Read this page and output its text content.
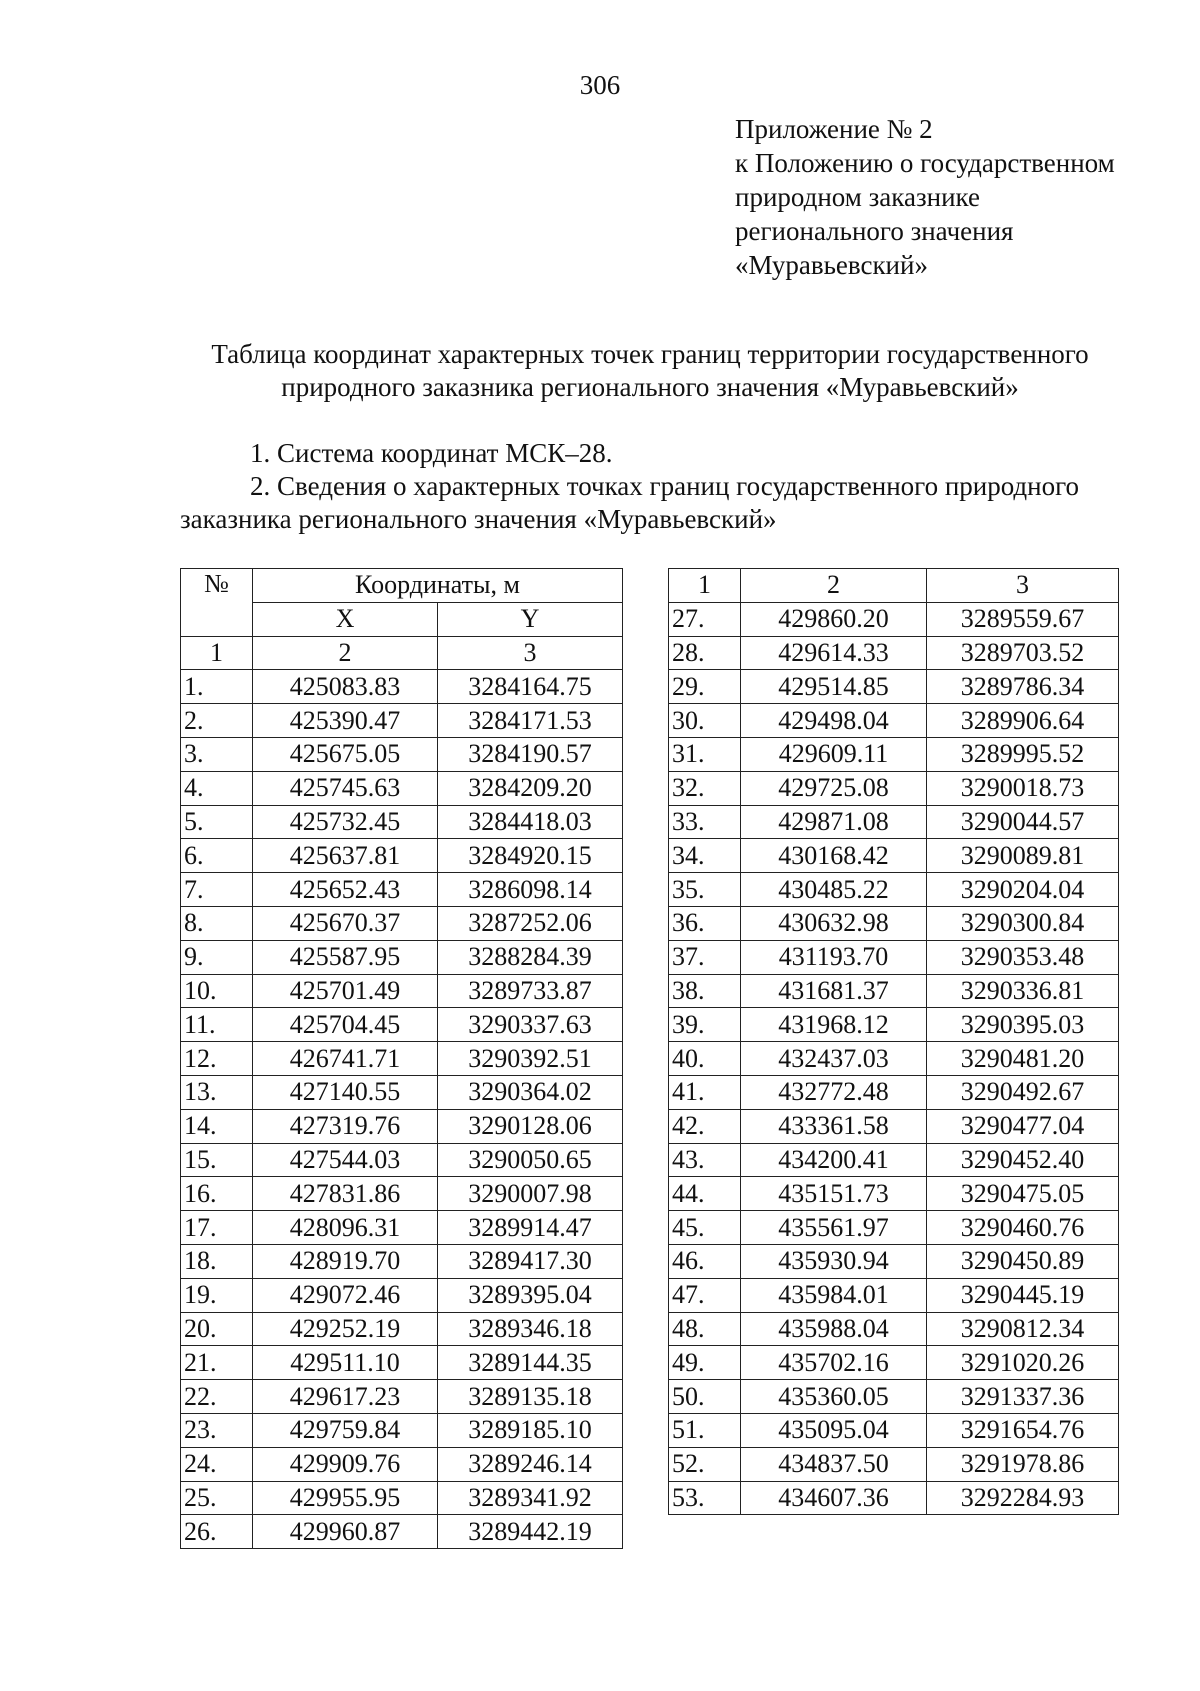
306
Приложение № 2
к Положению о государственном
природном заказнике
регионального значения
«Муравьевский»
Таблица координат характерных точек границ территории государственного
природного заказника регионального значения «Муравьевский»
1. Система координат МСК–28.
2. Сведения о характерных точках границ государственного природного
заказника регионального значения «Муравьевский»
№	Координаты, м	
	X	Y
1	2	3
1.	425083.83	3284164.75
2.	425390.47	3284171.53
3.	425675.05	3284190.57
4.	425745.63	3284209.20
5.	425732.45	3284418.03
6.	425637.81	3284920.15
7.	425652.43	3286098.14
8.	425670.37	3287252.06
9.	425587.95	3288284.39
10.	425701.49	3289733.87
11.	425704.45	3290337.63
12.	426741.71	3290392.51
13.	427140.55	3290364.02
14.	427319.76	3290128.06
15.	427544.03	3290050.65
16.	427831.86	3290007.98
17.	428096.31	3289914.47
18.	428919.70	3289417.30
19.	429072.46	3289395.04
20.	429252.19	3289346.18
21.	429511.10	3289144.35
22.	429617.23	3289135.18
23.	429759.84	3289185.10
24.	429909.76	3289246.14
25.	429955.95	3289341.92
26.	429960.87	3289442.19
1	2	3
27.	429860.20	3289559.67
28.	429614.33	3289703.52
29.	429514.85	3289786.34
30.	429498.04	3289906.64
31.	429609.11	3289995.52
32.	429725.08	3290018.73
33.	429871.08	3290044.57
34.	430168.42	3290089.81
35.	430485.22	3290204.04
36.	430632.98	3290300.84
37.	431193.70	3290353.48
38.	431681.37	3290336.81
39.	431968.12	3290395.03
40.	432437.03	3290481.20
41.	432772.48	3290492.67
42.	433361.58	3290477.04
43.	434200.41	3290452.40
44.	435151.73	3290475.05
45.	435561.97	3290460.76
46.	435930.94	3290450.89
47.	435984.01	3290445.19
48.	435988.04	3290812.34
49.	435702.16	3291020.26
50.	435360.05	3291337.36
51.	435095.04	3291654.76
52.	434837.50	3291978.86
53.	434607.36	3292284.93
